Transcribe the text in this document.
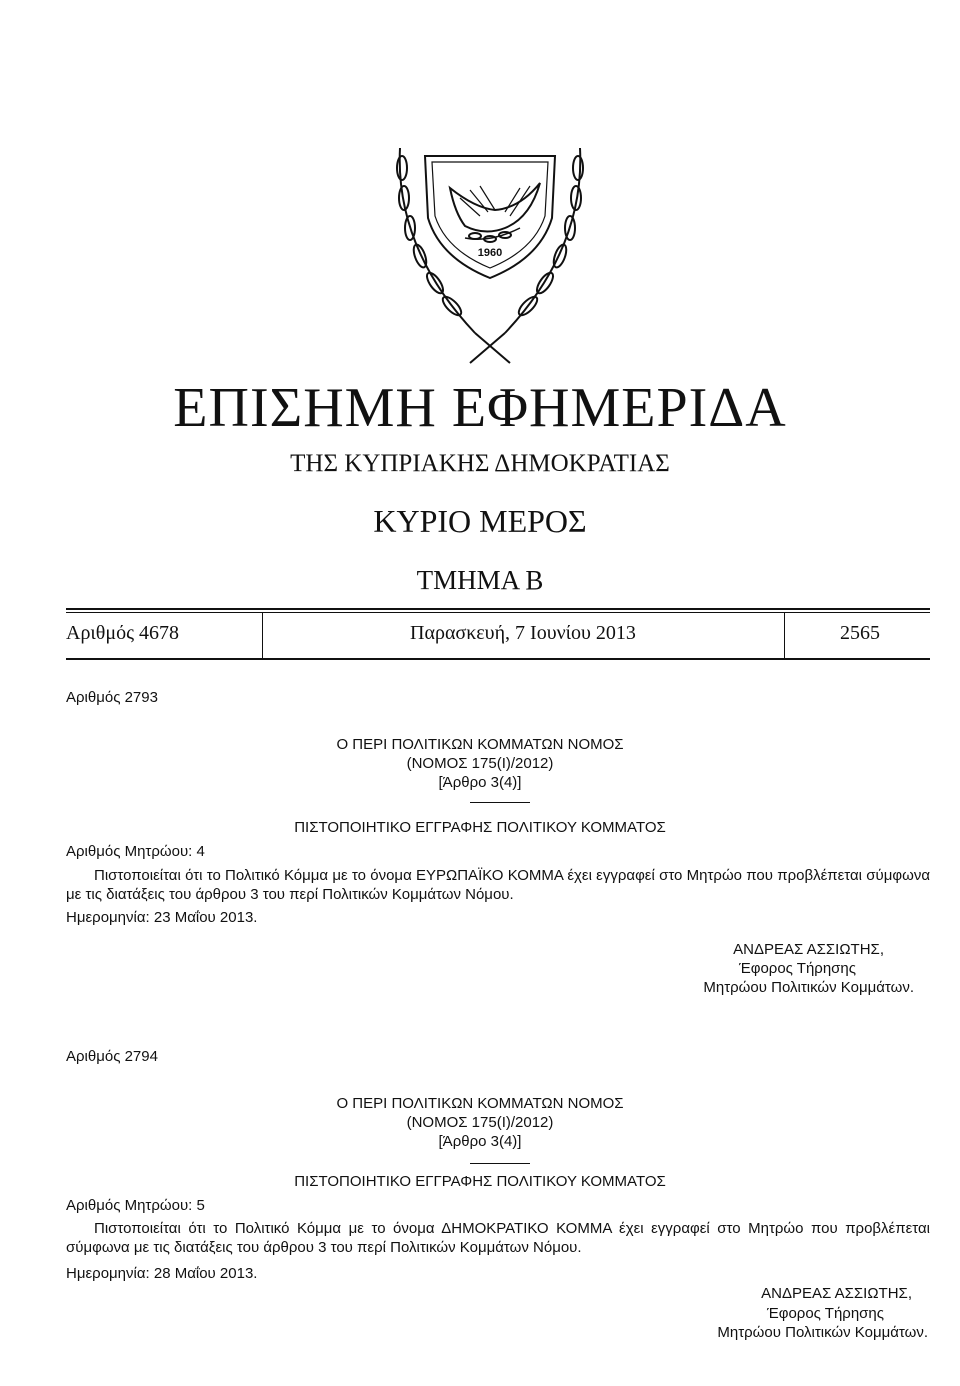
1960
ΕΠΙΣΗΜΗ ΕΦΗΜΕΡΙΔΑ
ΤΗΣ ΚΥΠΡΙΑΚΗΣ ΔΗΜΟΚΡΑΤΙΑΣ
ΚΥΡΙΟ ΜΕΡΟΣ
ΤΜΗΜΑ Β
Αριθμός 4678	Παρασκευή, 7 Ιουνίου 2013	2565
Αριθμός 2793
Ο ΠΕΡΙ ΠΟΛΙΤΙΚΩΝ ΚΟΜΜΑΤΩΝ ΝΟΜΟΣ
(ΝΟΜΟΣ 175(Ι)/2012)
[Άρθρο 3(4)]
ΠΙΣΤΟΠΟΙΗΤΙΚΟ ΕΓΓΡΑΦΗΣ ΠΟΛΙΤΙΚΟΥ ΚΟΜΜΑΤΟΣ
Αριθμός Μητρώου: 4
Πιστοποιείται ότι το Πολιτικό Κόμμα με το όνομα ΕΥΡΩΠΑΪΚΟ ΚΟΜΜΑ έχει εγγραφεί στο Μητρώο που προβλέπεται σύμφωνα με τις διατάξεις του άρθρου 3 του περί Πολιτικών Κομμάτων Νόμου.
Ημερομηνία: 23 Μαΐου 2013.
ΑΝΔΡΕΑΣ ΑΣΣΙΩΤΗΣ,
Έφορος Τήρησης
Μητρώου Πολιτικών Κομμάτων.
Αριθμός 2794
Ο ΠΕΡΙ ΠΟΛΙΤΙΚΩΝ ΚΟΜΜΑΤΩΝ ΝΟΜΟΣ
(ΝΟΜΟΣ 175(Ι)/2012)
[Άρθρο 3(4)]
ΠΙΣΤΟΠΟΙΗΤΙΚΟ ΕΓΓΡΑΦΗΣ ΠΟΛΙΤΙΚΟΥ ΚΟΜΜΑΤΟΣ
Αριθμός Μητρώου: 5
Πιστοποιείται ότι το Πολιτικό Κόμμα με το όνομα ΔΗΜΟΚΡΑΤΙΚΟ ΚΟΜΜΑ έχει εγγραφεί στο Μητρώο που προβλέπεται σύμφωνα με τις διατάξεις του άρθρου 3 του περί Πολιτικών Κομμάτων Νόμου.
Ημερομηνία: 28 Μαΐου 2013.
ΑΝΔΡΕΑΣ ΑΣΣΙΩΤΗΣ,
Έφορος Τήρησης
Μητρώου Πολιτικών Κομμάτων.
